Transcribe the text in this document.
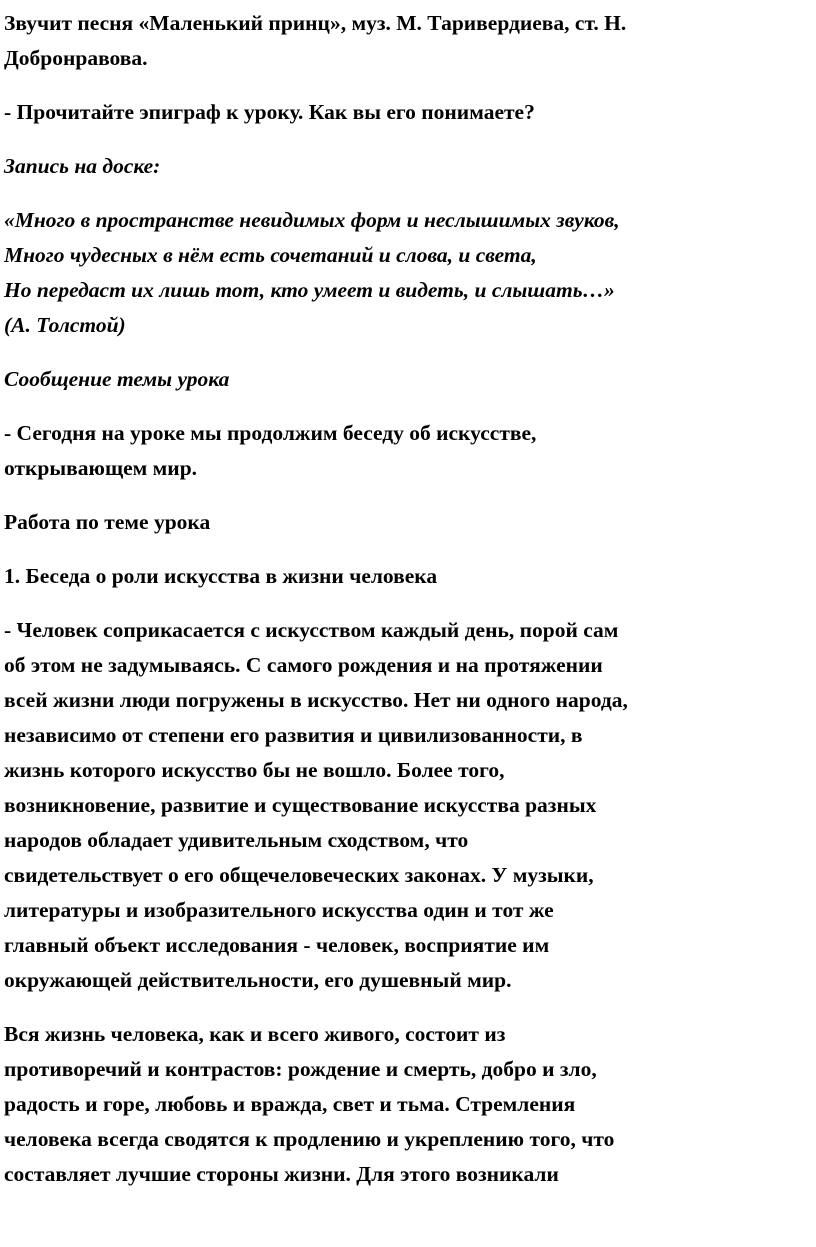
Звучит песня «Маленький принц», муз. М. Таривердиева, ст. Н.
Добронравова.

- Прочитайте эпиграф к уроку. Как вы его понимаете?

Запись на доске:

«Много в пространстве невидимых форм и неслышимых звуков,
Много чудесных в нём есть сочетаний и слова, и света,
Но передаст их лишь тот, кто умеет и видеть, и слышать…»
(А. Толстой)

Сообщение темы урока

- Сегодня на уроке мы продолжим беседу об искусстве,
открывающем мир.

Работа по теме урока

1. Беседа о роли искусства в жизни человека

- Человек соприкасается с искусством каждый день, порой сам
об этом не задумываясь. С самого рождения и на протяжении
всей жизни люди погружены в искусство. Нет ни одного народа,
независимо от степени его развития и цивилизованности, в
жизнь которого искусство бы не вошло. Более того,
возникновение, развитие и существование искусства разных
народов обладает удивительным сходством, что
свидетельствует о его общечеловеческих законах. У музыки,
литературы и изобразительного искусства один и тот же
главный объект исследования - человек, восприятие им
окружающей действительности, его душевный мир.

Вся жизнь человека, как и всего живого, состоит из
противоречий и контрастов: рождение и смерть, добро и зло,
радость и горе, любовь и вражда, свет и тьма. Стремления
человека всегда сводятся к продлению и укреплению того, что
составляет лучшие стороны жизни. Для этого возникали
